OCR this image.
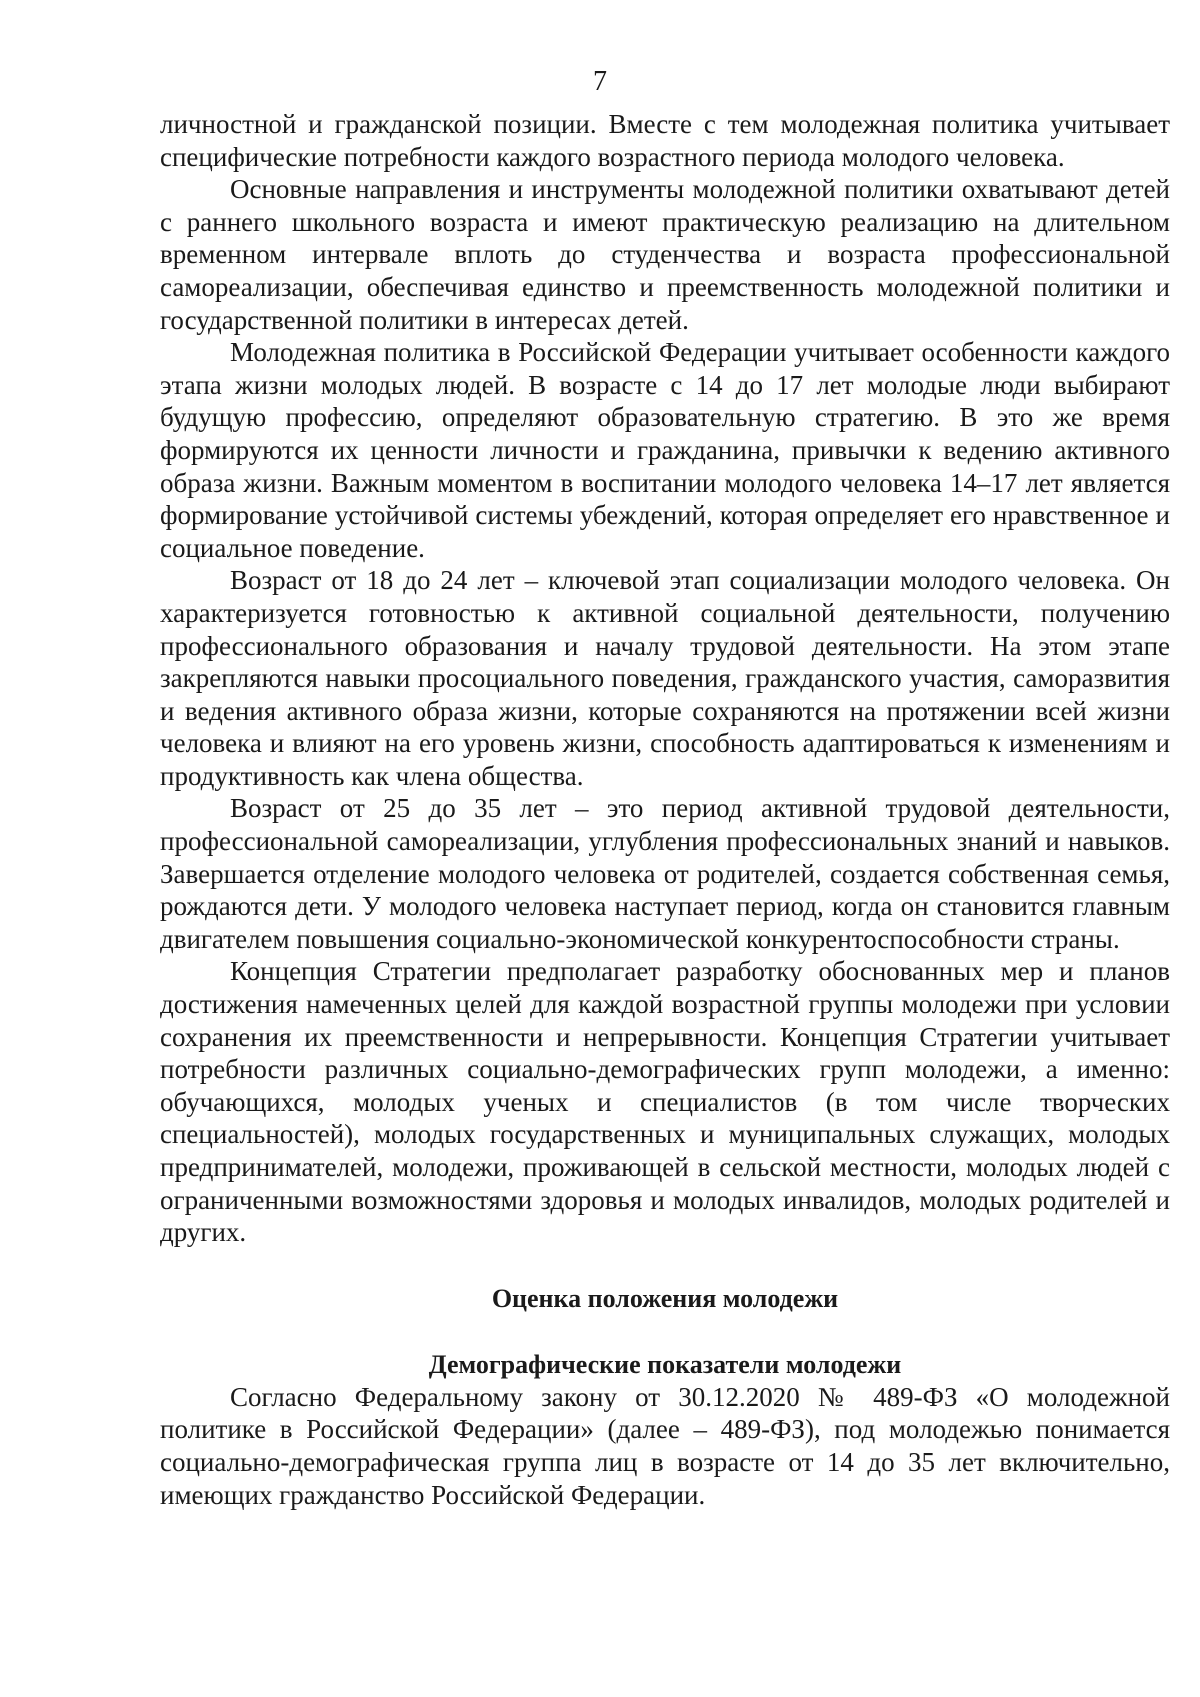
7

личностной и гражданской позиции. Вместе с тем молодежная политика учитывает специфические потребности каждого возрастного периода молодого человека.

Основные направления и инструменты молодежной политики охватывают детей с раннего школьного возраста и имеют практическую реализацию на длительном временном интервале вплоть до студенчества и возраста профессиональной самореализации, обеспечивая единство и преемственность молодежной политики и государственной политики в интересах детей.

Молодежная политика в Российской Федерации учитывает особенности каждого этапа жизни молодых людей. В возрасте с 14 до 17 лет молодые люди выбирают будущую профессию, определяют образовательную стратегию. В это же время формируются их ценности личности и гражданина, привычки к ведению активного образа жизни. Важным моментом в воспитании молодого человека 14–17 лет является формирование устойчивой системы убеждений, которая определяет его нравственное и социальное поведение.

Возраст от 18 до 24 лет – ключевой этап социализации молодого человека. Он характеризуется готовностью к активной социальной деятельности, получению профессионального образования и началу трудовой деятельности. На этом этапе закрепляются навыки просоциального поведения, гражданского участия, саморазвития и ведения активного образа жизни, которые сохраняются на протяжении всей жизни человека и влияют на его уровень жизни, способность адаптироваться к изменениям и продуктивность как члена общества.

Возраст от 25 до 35 лет – это период активной трудовой деятельности, профессиональной самореализации, углубления профессиональных знаний и навыков. Завершается отделение молодого человека от родителей, создается собственная семья, рождаются дети. У молодого человека наступает период, когда он становится главным двигателем повышения социально-экономической конкурентоспособности страны.

Концепция Стратегии предполагает разработку обоснованных мер и планов достижения намеченных целей для каждой возрастной группы молодежи при условии сохранения их преемственности и непрерывности. Концепция Стратегии учитывает потребности различных социально-демографических групп молодежи, а именно: обучающихся, молодых ученых и специалистов (в том числе творческих специальностей), молодых государственных и муниципальных служащих, молодых предпринимателей, молодежи, проживающей в сельской местности, молодых людей с ограниченными возможностями здоровья и молодых инвалидов, молодых родителей и других.

Оценка положения молодежи
Демографические показатели молодежи

Согласно Федеральному закону от 30.12.2020 № 489-ФЗ «О молодежной политике в Российской Федерации» (далее – 489-ФЗ), под молодежью понимается социально-демографическая группа лиц в возрасте от 14 до 35 лет включительно, имеющих гражданство Российской Федерации.
